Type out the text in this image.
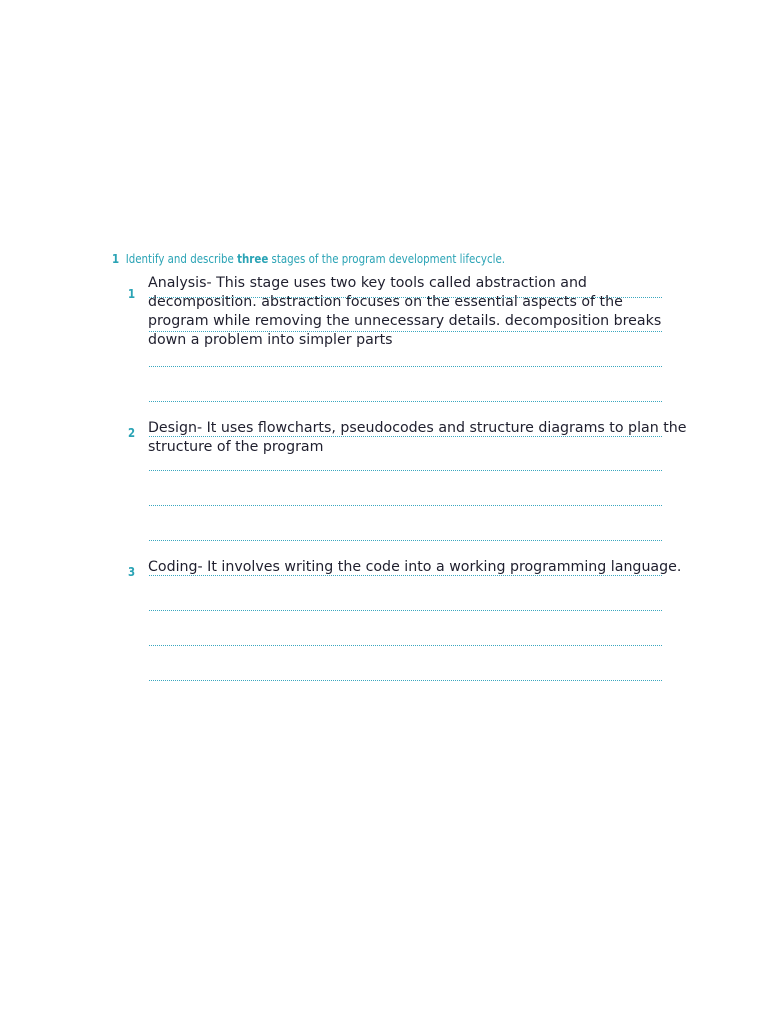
1 Identify and describe three stages of the program development lifecycle.
1

Analysis- This stage uses two key tools called abstraction and decomposition. abstraction focuses on the essential aspects of the program while removing the unnecessary details. decomposition breaks down a problem into simpler parts

2 Design- It uses flowcharts, pseudocodes and structure diagrams to plan the structure of the program

3 Coding- It involves writing the code into a working programming language.
